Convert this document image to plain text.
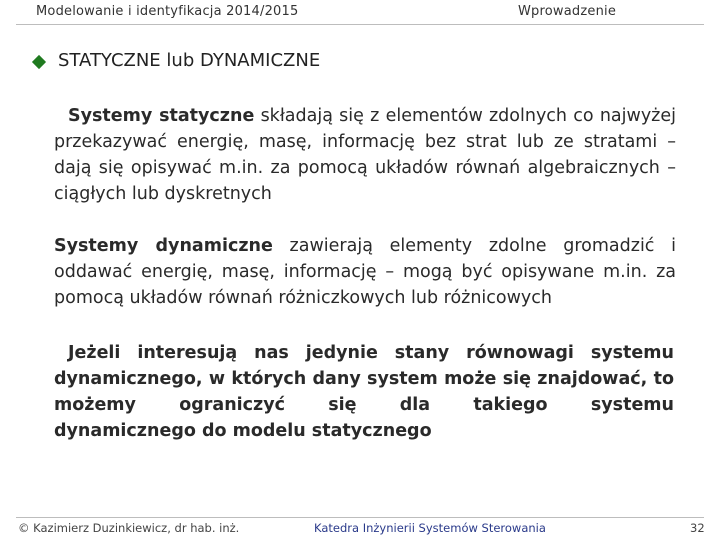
Modelowanie i identyfikacja 2014/2015	Wprowadzenie
STATYCZNE lub DYNAMICZNE
Systemy statyczne składają się z elementów zdolnych co najwyżej przekazywać energię, masę, informację bez strat lub ze stratami – dają się opisywać m.in. za pomocą układów równań algebraicznych – ciągłych lub dyskretnych
Systemy dynamiczne zawierają elementy zdolne gromadzić i oddawać energię, masę, informację – mogą być opisywane m.in. za pomocą układów równań różniczkowych lub różnicowych
Jeżeli interesują nas jedynie stany równowagi systemu dynamicznego, w których dany system może się znajdować, to możemy ograniczyć się dla takiego systemu
dynamicznego do modelu statycznego
© Kazimierz Duzinkiewicz, dr hab. inż.	Katedra Inżynierii Systemów Sterowania	32
